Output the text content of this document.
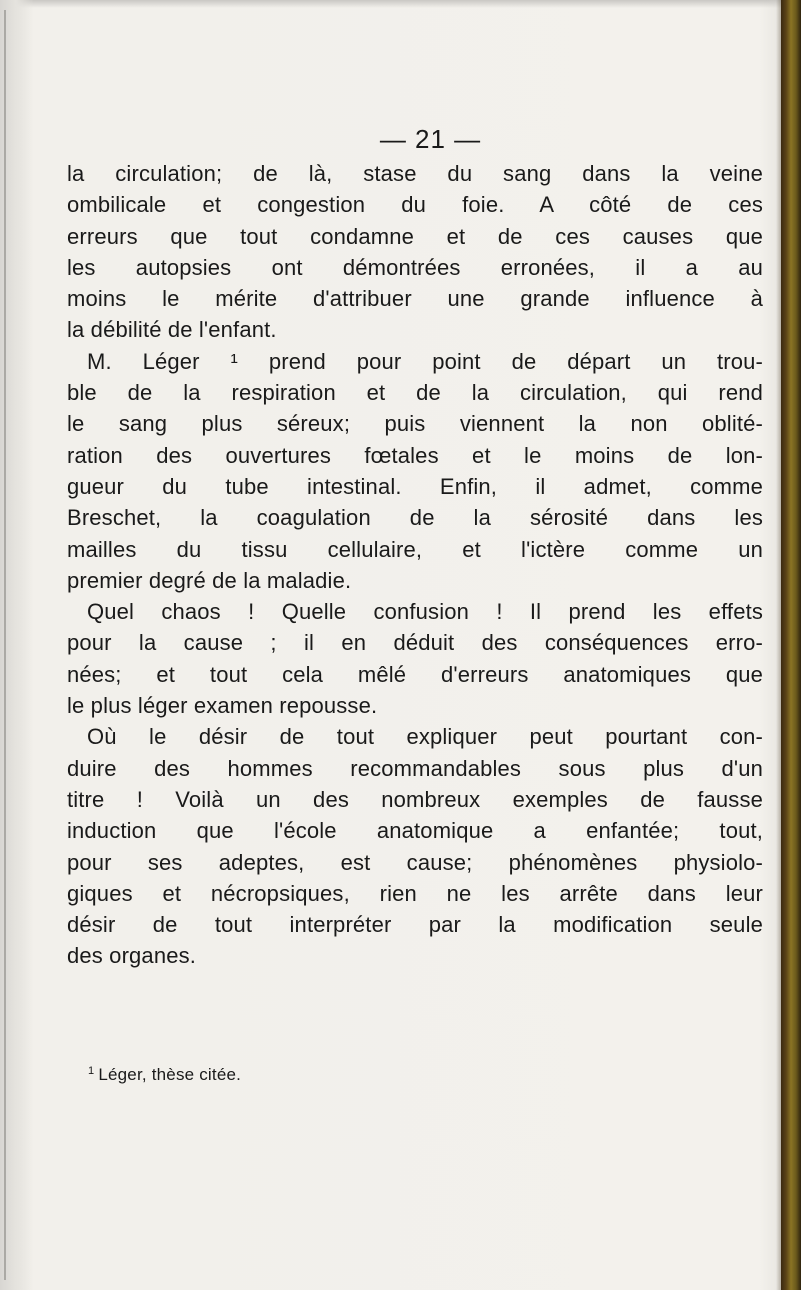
— 21 —
la circulation; de là, stase du sang dans la veine
ombilicale et congestion du foie. A côté de ces
erreurs que tout condamne et de ces causes que
les autopsies ont démontrées erronées, il a au
moins le mérite d'attribuer une grande influence à
la débilité de l'enfant.
M. Léger ¹ prend pour point de départ un trou-
ble de la respiration et de la circulation, qui rend
le sang plus séreux; puis viennent la non oblité-
ration des ouvertures fœtales et le moins de lon-
gueur du tube intestinal. Enfin, il admet, comme
Breschet, la coagulation de la sérosité dans les
mailles du tissu cellulaire, et l'ictère comme un
premier degré de la maladie.
Quel chaos ! Quelle confusion ! Il prend les effets
pour la cause ; il en déduit des conséquences erro-
nées; et tout cela mêlé d'erreurs anatomiques que
le plus léger examen repousse.
Où le désir de tout expliquer peut pourtant con-
duire des hommes recommandables sous plus d'un
titre ! Voilà un des nombreux exemples de fausse
induction que l'école anatomique a enfantée; tout,
pour ses adeptes, est cause; phénomènes physiolo-
giques et nécropsiques, rien ne les arrête dans leur
désir de tout interpréter par la modification seule
des organes.
$^1$ Léger, thèse citée.
